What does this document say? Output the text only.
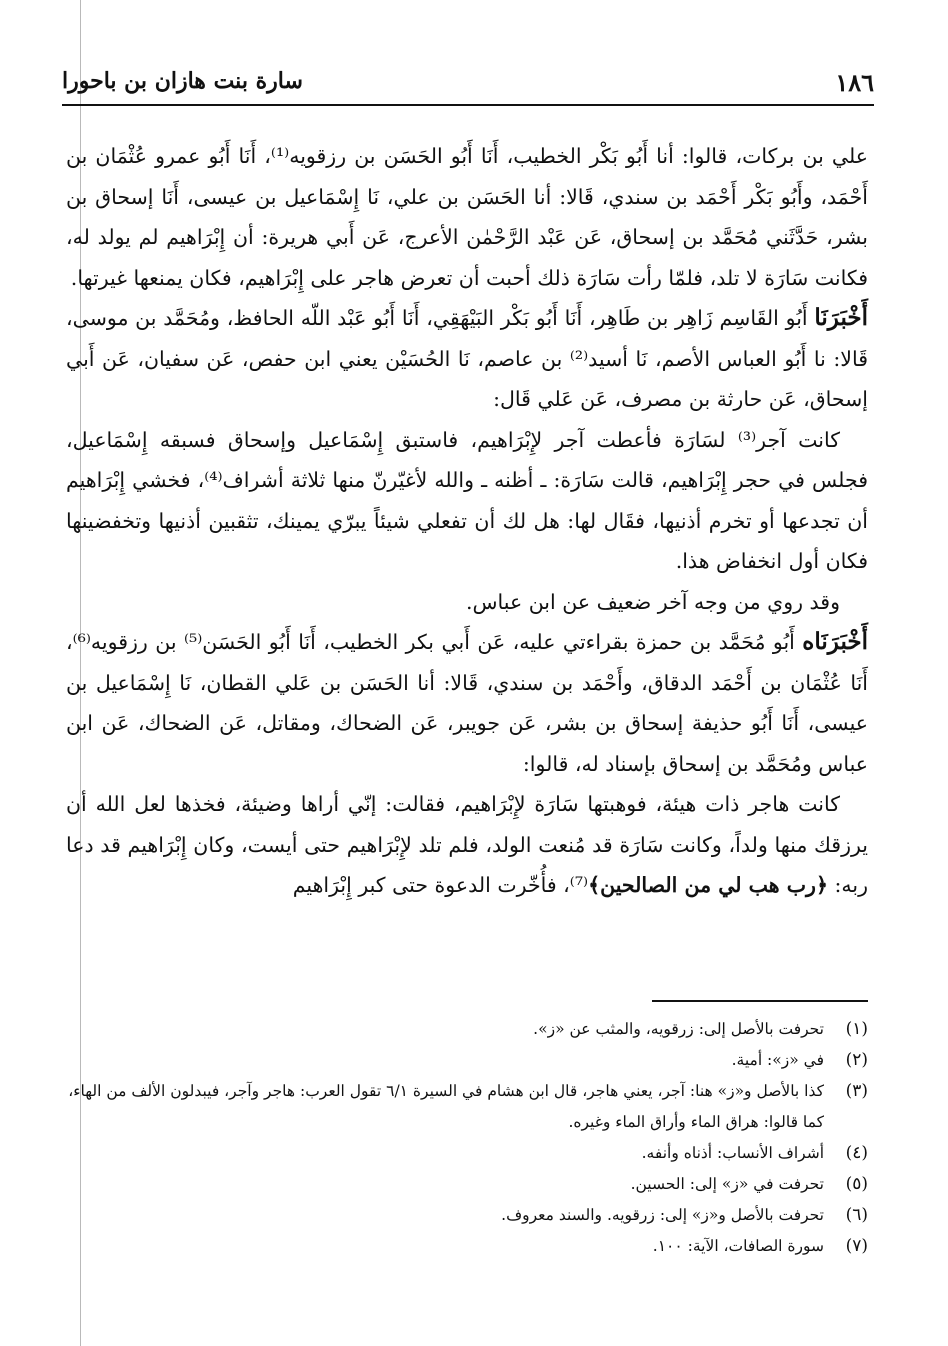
١٨٦
سارة بنت هازان بن باحورا

علي بن بركات، قالوا: أنا أَبُو بَكْر الخطيب، أَنَا أَبُو الحَسَن بن رزقويه⁽¹⁾، أَنَا أَبُو عمرو عُثْمَان بن أَحْمَد، وأَبُو بَكْر أَحْمَد بن سندي، قَالا: أنا الحَسَن بن علي، نَا إِسْمَاعيل بن عيسى، أَنَا إسحاق بن بشر، حَدَّثَني مُحَمَّد بن إسحاق، عَن عَبْد الرَّحْمٰن الأعرج، عَن أَبي هريرة: أن إِبْرَاهيم لم يولد له، فكانت سَارَة لا تلد، فلمّا رأت سَارَة ذلك أحبت أن تعرض هاجر على إِبْرَاهيم، فكان يمنعها غيرتها.

أَخْبَرَنَا أَبُو القَاسِم زَاهِر بن طَاهِر، أَنَا أَبُو بَكْر البَيْهَقِي، أَنَا أَبُو عَبْد اللّه الحافظ، ومُحَمَّد بن موسى، قَالا: نا أَبُو العباس الأصم، نَا أسيد⁽²⁾ بن عاصم، نَا الحُسَيْن يعني ابن حفص، عَن سفيان، عَن أَبي إسحاق، عَن حارثة بن مصرف، عَن عَلي قَال:

كانت آجر⁽³⁾ لسَارَة فأعطت آجر لإِبْرَاهيم، فاستبق إِسْمَاعيل وإسحاق فسبقه إِسْمَاعيل، فجلس في حجر إِبْرَاهيم، قالت سَارَة: ـ أظنه ـ والله لأغيّرنّ منها ثلاثة أشراف⁽⁴⁾، فخشي إِبْرَاهيم أن تجدعها أو تخرم أذنيها، فقَال لها: هل لك أن تفعلي شيئاً يبرّي يمينك، تثقبين أذنيها وتخفضينها فكان أول انخفاض هذا.

وقد روي من وجه آخر ضعيف عن ابن عباس.

أَخْبَرَنَاه أَبُو مُحَمَّد بن حمزة بقراءتي عليه، عَن أَبي بكر الخطيب، أَنَا أَبُو الحَسَن⁽⁵⁾ بن رزقويه⁽⁶⁾، أَنَا عُثْمَان بن أَحْمَد الدقاق، وأَحْمَد بن سندي، قَالا: أنا الحَسَن بن عَلي القطان، نَا إِسْمَاعيل بن عيسى، أَنَا أَبُو حذيفة إسحاق بن بشر، عَن جويبر، عَن الضحاك، ومقاتل، عَن الضحاك، عَن ابن عباس ومُحَمَّد بن إسحاق بإسناد له، قالوا:

كانت هاجر ذات هيئة، فوهبتها سَارَة لإِبْرَاهيم، فقالت: إنّي أراها وضيئة، فخذها لعل الله أن يرزقك منها ولداً، وكانت سَارَة قد مُنعت الولد، فلم تلد لإِبْرَاهيم حتى أيست، وكان إِبْرَاهيم قد دعا ربه: ﴿رب هب لي من الصالحين﴾⁽⁷⁾، فأُخّرت الدعوة حتى كبر إِبْرَاهيم

(١)
تحرفت بالأصل إلى: زرقويه، والمثب عن «ز».
(٢)
في «ز»: أمية.
(٣)
كذا بالأصل و«ز» هنا: آجر، يعني هاجر، قال ابن هشام في السيرة ٦/١ تقول العرب: هاجر وآجر، فيبدلون الألف من الهاء، كما قالوا: هراق الماء وأراق الماء وغيره.
(٤)
أشراف الأنساب: أذناه وأنفه.
(٥)
تحرفت في «ز» إلى: الحسين.
(٦)
تحرفت بالأصل و«ز» إلى: زرقويه. والسند معروف.
(٧)
سورة الصافات، الآية: ١٠٠.
